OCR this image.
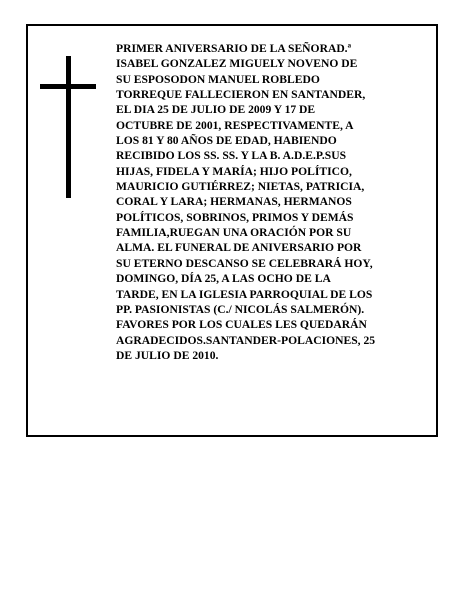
PRIMER ANIVERSARIO DE LA SEÑORAD.ª
ISABEL GONZALEZ MIGUELY NOVENO DE
SU ESPOSODON MANUEL ROBLEDO
TORREQUE FALLECIERON EN SANTANDER,
EL DIA 25 DE JULIO DE 2009 Y 17 DE
OCTUBRE DE 2001, RESPECTIVAMENTE, A
LOS 81 Y 80 AÑOS DE EDAD, HABIENDO
RECIBIDO LOS SS. SS. Y LA B. A.D.E.P.SUS
HIJAS, FIDELA Y MARÍA; HIJO POLÍTICO,
MAURICIO GUTIÉRREZ; NIETAS, PATRICIA,
CORAL Y LARA; HERMANAS, HERMANOS
POLÍTICOS, SOBRINOS, PRIMOS Y DEMÁS
FAMILIA,RUEGAN UNA ORACIÓN POR SU
ALMA. EL FUNERAL DE ANIVERSARIO POR
SU ETERNO DESCANSO SE CELEBRARÁ HOY,
DOMINGO, DÍA 25, A LAS OCHO DE LA
TARDE, EN LA IGLESIA PARROQUIAL DE LOS
PP. PASIONISTAS (C./ NICOLÁS SALMERÓN).
FAVORES POR LOS CUALES LES QUEDARÁN
AGRADECIDOS.SANTANDER-POLACIONES, 25
DE JULIO DE 2010.
